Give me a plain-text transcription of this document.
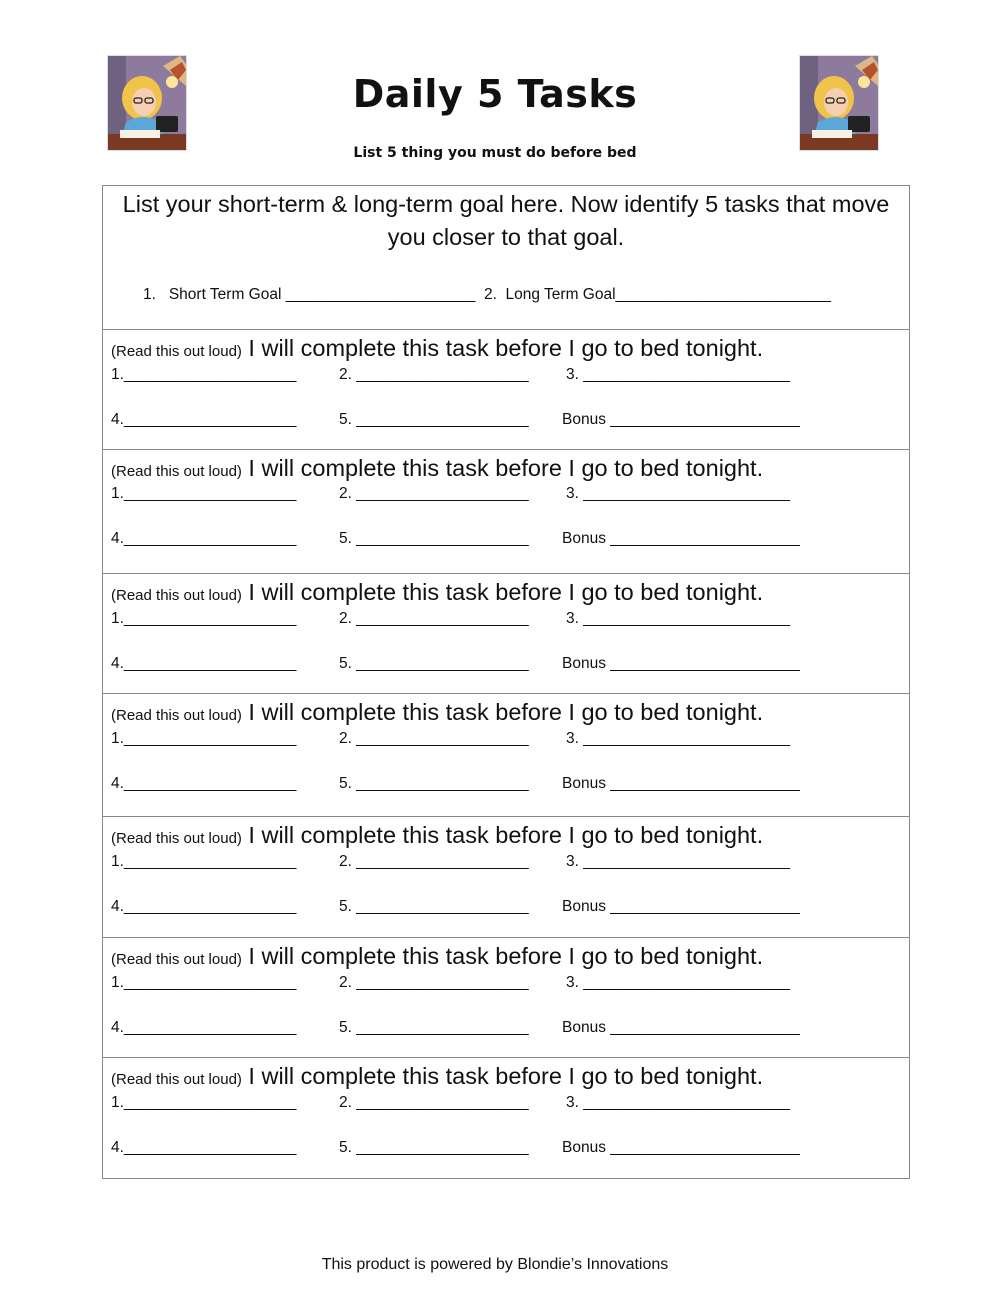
Daily 5 Tasks
List 5 thing you must do before bed
List your short-term & long-term goal here. Now identify 5 tasks that move you closer to that goal.
1.   Short Term Goal ______________________ 2.  Long Term Goal_________________________
(Read this out loud) I will complete this task before I go to bed tonight.
1.____________________	2. ____________________ 3. ________________________
4.____________________	5. ____________________ Bonus ______________________
(Read this out loud) I will complete this task before I go to bed tonight.
1.____________________	2. ____________________ 3. ________________________
4.____________________	5. ____________________ Bonus ______________________
(Read this out loud) I will complete this task before I go to bed tonight.
1.____________________	2. ____________________ 3. ________________________
4.____________________	5. ____________________ Bonus ______________________
(Read this out loud) I will complete this task before I go to bed tonight.
1.____________________	2. ____________________ 3. ________________________
4.____________________	5. ____________________ Bonus ______________________
(Read this out loud) I will complete this task before I go to bed tonight.
1.____________________	2. ____________________ 3. ________________________
4.____________________	5. ____________________ Bonus ______________________
(Read this out loud) I will complete this task before I go to bed tonight.
1.____________________	2. ____________________ 3. ________________________
4.____________________	5. ____________________ Bonus ______________________
(Read this out loud) I will complete this task before I go to bed tonight.
1.____________________	2. ____________________ 3. ________________________
4.____________________	5. ____________________ Bonus ______________________
This product is powered by Blondie’s Innovations
